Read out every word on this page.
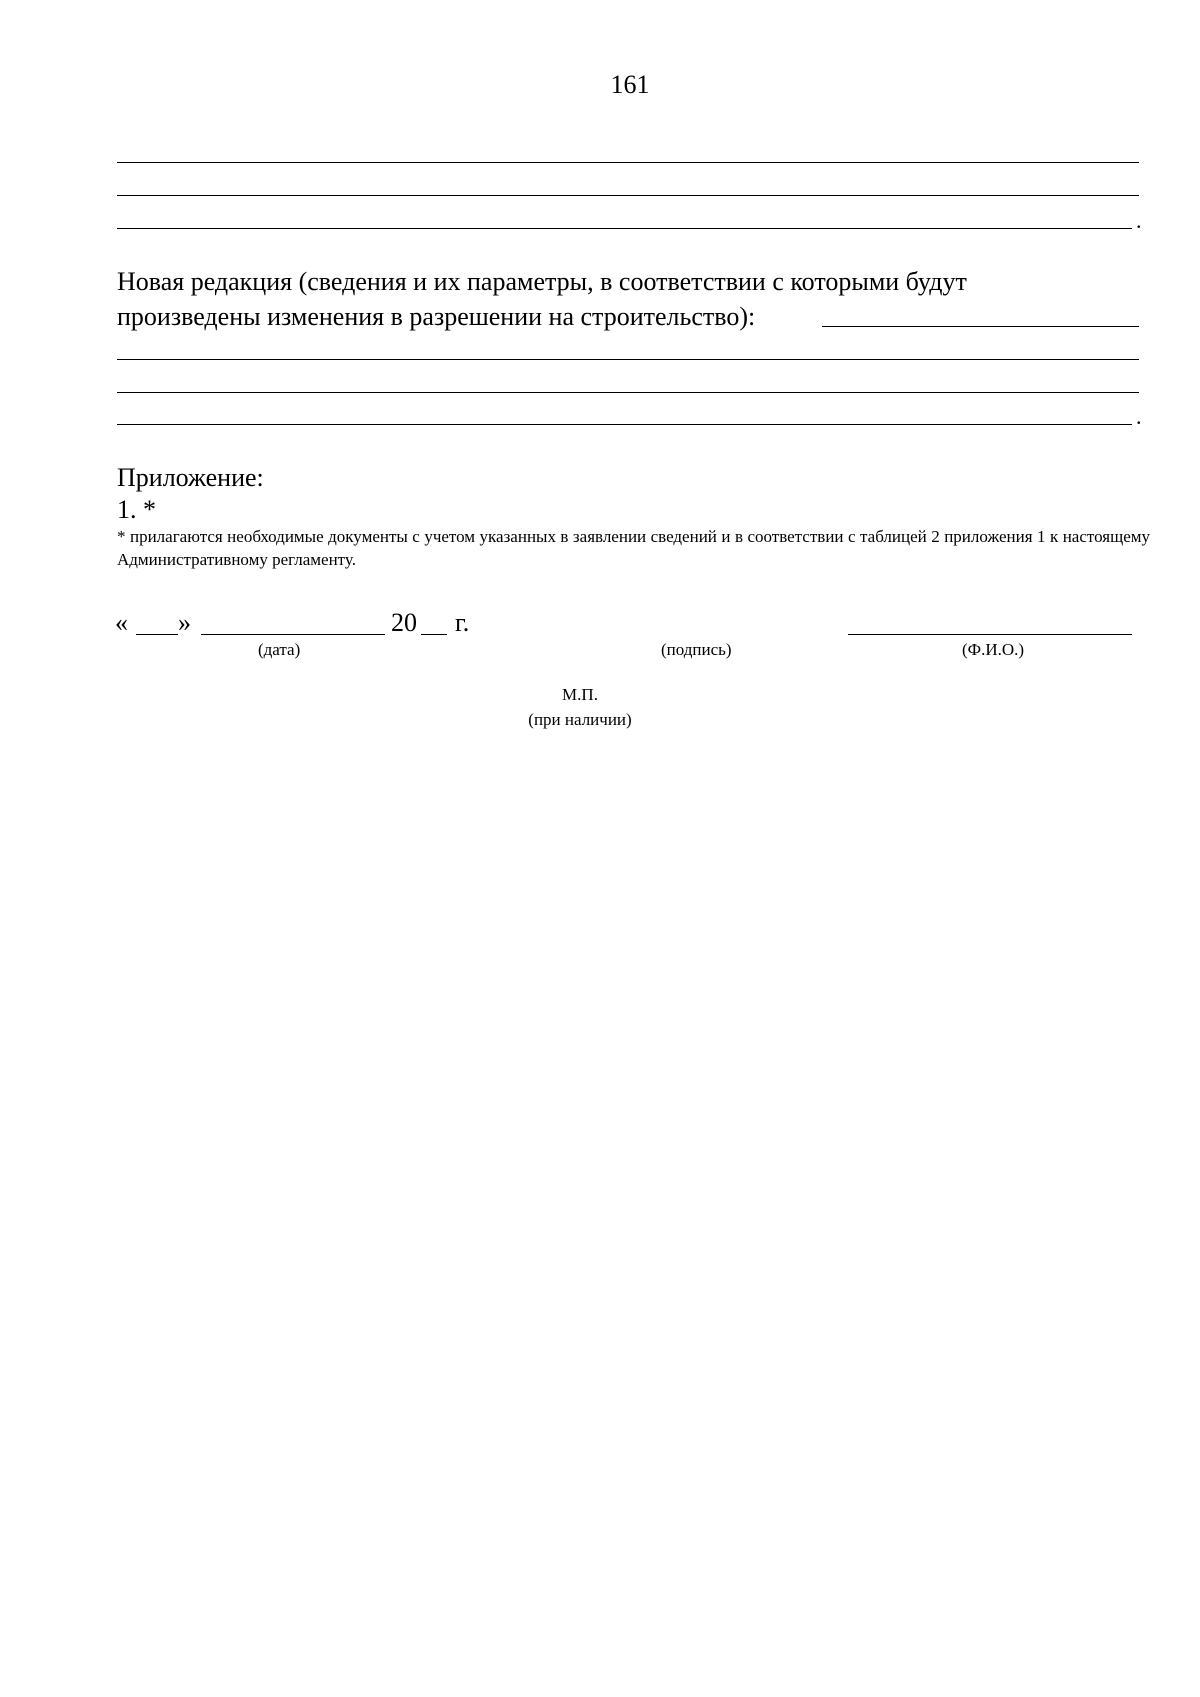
161
.
Новая редакция (сведения и их параметры, в соответствии с которыми будут
произведены изменения в разрешении на строительство):
.
Приложение:
1. *
* прилагаются необходимые документы с учетом указанных в заявлении сведений и в соответствии с таблицей 2 приложения 1 к настоящему Административному регламенту.
« »	20 г.
(дата)	(подпись)	(Ф.И.О.)
М.П.
(при наличии)
